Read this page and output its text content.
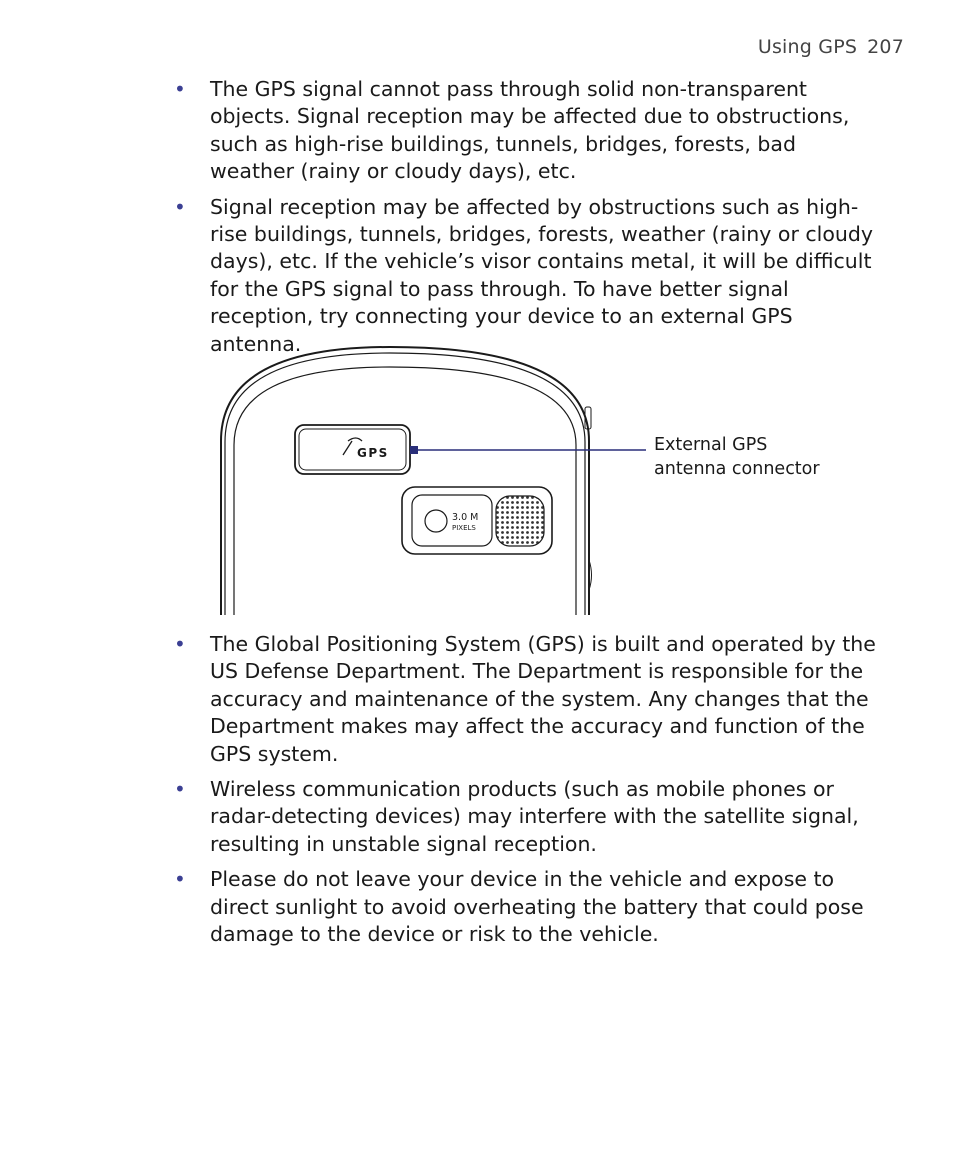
Using GPS 207
•	The GPS signal cannot pass through solid non-transparent objects. Signal reception may be affected due to obstructions, such as high-rise buildings, tunnels, bridges, forests, bad weather (rainy or cloudy days), etc.
•	Signal reception may be affected by obstructions such as high-rise buildings, tunnels, bridges, forests, weather (rainy or cloudy days), etc. If the vehicle’s visor contains metal, it will be difficult for the GPS signal to pass through. To have better signal reception, try connecting your device to an external GPS antenna.
GPS
3.0 M
PIXELS
External GPS
antenna connector
•	The Global Positioning System (GPS) is built and operated by the US Defense Department. The Department is responsible for the accuracy and maintenance of the system. Any changes that the Department makes may affect the accuracy and function of the GPS system.
•	Wireless communication products (such as mobile phones or radar-detecting devices) may interfere with the satellite signal, resulting in unstable signal reception.
•	Please do not leave your device in the vehicle and expose to direct sunlight to avoid overheating the battery that could pose damage to the device or risk to the vehicle.
